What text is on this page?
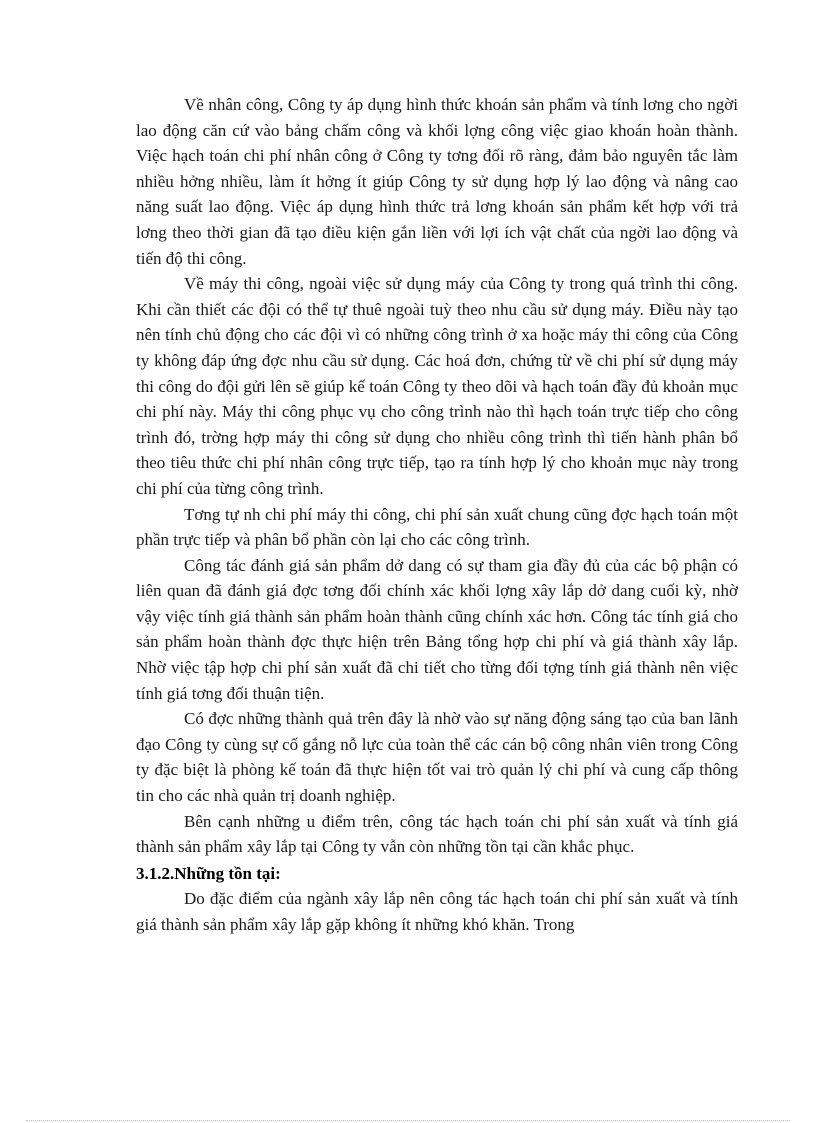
Về nhân công, Công ty áp dụng hình thức khoán sản phẩm và tính lơng cho ngời lao động căn cứ vào bảng chấm công và khối lợng công việc giao khoán hoàn thành. Việc hạch toán chi phí nhân công ở Công ty tơng đối rõ ràng, đảm bảo nguyên tắc làm nhiều hởng nhiều, làm ít hởng ít giúp Công ty sử dụng hợp lý lao động và nâng cao năng suất lao động. Việc áp dụng hình thức trả lơng khoán sản phẩm kết hợp với trả lơng theo thời gian đã tạo điều kiện gắn liền với lợi ích vật chất của ngời lao động và tiến độ thi công.

Về máy thi công, ngoài việc sử dụng máy của Công ty trong quá trình thi công. Khi cần thiết các đội có thể tự thuê ngoài tuỳ theo nhu cầu sử dụng máy. Điều này tạo nên tính chủ động cho các đội vì có những công trình ở xa hoặc máy thi công của Công ty không đáp ứng đợc nhu cầu sử dụng. Các hoá đơn, chứng từ về chi phí sử dụng máy thi công do đội gửi lên sẽ giúp kế toán Công ty theo dõi và hạch toán đầy đủ khoản mục chi phí này. Máy thi công phục vụ cho công trình nào thì hạch toán trực tiếp cho công trình đó, trờng hợp máy thi công sử dụng cho nhiều công trình thì tiến hành phân bổ theo tiêu thức chi phí nhân công trực tiếp, tạo ra tính hợp lý cho khoản mục này trong chi phí của từng công trình.

Tơng tự nh chi phí máy thi công, chi phí sản xuất chung cũng đợc hạch toán một phần trực tiếp và phân bổ phần còn lại cho các công trình.

Công tác đánh giá sản phẩm dở dang có sự tham gia đầy đủ của các bộ phận có liên quan đã đánh giá đợc tơng đối chính xác khối lợng xây lắp dở dang cuối kỳ, nhờ vậy việc tính giá thành sản phẩm hoàn thành cũng chính xác hơn. Công tác tính giá cho sản phẩm hoàn thành đợc thực hiện trên Bảng tổng hợp chi phí và giá thành xây lắp. Nhờ việc tập hợp chi phí sản xuất đã chi tiết cho từng đối tợng tính giá thành nên việc tính giá tơng đối thuận tiện.

Có đợc những thành quả trên đây là nhờ vào sự năng động sáng tạo của ban lãnh đạo Công ty cùng sự cố gắng nỗ lực của toàn thể các cán bộ công nhân viên trong Công ty đặc biệt là phòng kế toán đã thực hiện tốt vai trò quản lý chi phí và cung cấp thông tin cho các nhà quản trị doanh nghiệp.

Bên cạnh những u điểm trên, công tác hạch toán chi phí sản xuất và tính giá thành sản phẩm xây lắp tại Công ty vẫn còn những tồn tại cần khắc phục.

3.1.2.Những tồn tại:

Do đặc điểm của ngành xây lắp nên công tác hạch toán chi phí sản xuất và tính giá thành sản phẩm xây lắp gặp không ít những khó khăn. Trong
